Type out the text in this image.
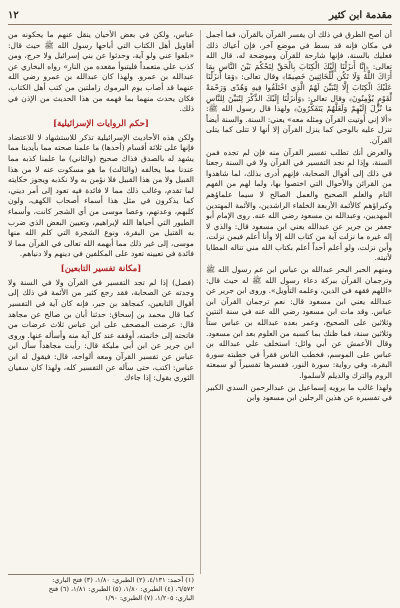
مقدمة ابن كثير
١٢

أن أصح الطرق في ذلك أن يفسر القرآن بالقرآن، فما أجمل في مكان فإنه قد بسط في موضع آخر، فإن أعياك ذلك فعليك بالسنة، فإنها شارحة للقرآن وموضحة له، قال الله تعالى: ﴿إِنَّا أَنزَلْنَا إِلَيْكَ الْكِتَابَ بِالْحَقِّ لِتَحْكُمَ بَيْنَ النَّاسِ بِمَا أَرَاكَ اللَّهُ وَلَا تَكُن لِّلْخَائِنِينَ خَصِيمًا﴾ وقال تعالى: ﴿وَمَا أَنزَلْنَا عَلَيْكَ الْكِتَابَ إِلَّا لِتُبَيِّنَ لَهُمُ الَّذِي اخْتَلَفُوا فِيهِ وَهُدًى وَرَحْمَةً لِّقَوْمٍ يُؤْمِنُونَ﴾ وقال تعالى: ﴿وَأَنزَلْنَا إِلَيْكَ الذِّكْرَ لِتُبَيِّنَ لِلنَّاسِ مَا نُزِّلَ إِلَيْهِمْ وَلَعَلَّهُمْ يَتَفَكَّرُونَ﴾ ولهذا قال رسول الله ﷺ: «ألا إني أوتيت القرآن ومثله معه» يعني: السنة. والسنة أيضاً تنزل عليه بالوحي كما ينزل القرآن إلا أنها لا تتلى كما يتلى القرآن.

والغرض أنك تطلب تفسير القرآن منه فإن لم تجده فمن السنة، وإذا لم نجد التفسير في القرآن ولا في السنة رجعنا في ذلك إلى أقوال الصحابة، فإنهم أدرى بذلك، لما شاهدوا من القرائن والأحوال التي اختصوا بها، ولما لهم من الفهم التام والعلم الصحيح والعمل الصالح لا سيما علماؤهم وكبراؤهم كالأئمة الأربعة الخلفاء الراشدين، والأئمة المهتدين المهديين، وعبدالله بن مسعود رضي الله عنه. روى الإمام أبو جعفر بن جرير عن عبدالله يعني ابن مسعود قال: والذي لا إله غيره ما نزلت آية من كتاب الله إلا وأنا أعلم فيمن نزلت، وأين نزلت، ولو أعلم أحداً أعلم بكتاب الله مني تناله المطايا لأتيته.

ومنهم الحبر البحر عبدالله بن عباس ابن عم رسول الله ﷺ وترجمان القرآن ببركة دعاء رسول الله ﷺ له حيث قال: «اللهم فقهه في الدين، وعلمه التأويل». وروى ابن جرير عن عبدالله يعني ابن مسعود قال: نعم ترجمان القرآن ابن عباس. وقد مات ابن مسعود رضي الله عنه في سنة اثنتين وثلاثين على الصحيح، وعمر بعده عبدالله بن عباس ستاً وثلاثين سنة، فما ظنك بما كسبه من العلوم بعد ابن مسعود. وقال الأعمش عن أبي وائل: استخلف علي عبدالله بن عباس على الموسم، فخطب الناس فقرأ في خطبته سورة البقرة، وفي رواية: سورة النور، ففسرها تفسيراً لو سمعته الروم والترك والديلم لأسلموا.

ولهذا غالب ما يرويه إسماعيل بن عبدالرحمن السدي الكبير في تفسيره عن هذين الرجلين ابن مسعود وابن

عباس، ولكن في بعض الأحيان ينقل عنهم ما يحكونه من أقاويل أهل الكتاب التي أباحها رسول الله ﷺ حيث قال: «بلغوا عني ولو آية، وحدثوا عن بني إسرائيل ولا حرج، ومن كذب علي متعمداً فليتبوأ مقعده من النار» رواه البخاري عن عبدالله بن عمرو. ولهذا كان عبدالله بن عمرو رضي الله عنهما قد أصاب يوم اليرموك زاملتين من كتب أهل الكتاب، فكان يحدث منهما بما فهمه من هذا الحديث من الإذن في ذلك.

[حكم الروايات الإسرائيلية]

ولكن هذه الأحاديث الإسرائيلية تذكر للاستشهاد لا للاعتضاد فإنها على ثلاثة أقسام (أحدها) ما علمنا صحته مما بأيدينا مما يشهد له بالصدق فذاك صحيح (والثاني) ما علمنا كذبه مما عندنا مما يخالفه (والثالث) ما هو مسكوت عنه لا من هذا القبيل ولا من هذا القبيل فلا نؤمن به ولا نكذبه ويجوز حكايته لما تقدم، وغالب ذلك مما لا فائدة فيه تعود إلى أمر ديني، كما يذكرون في مثل هذا أسماء أصحاب الكهف، ولون كلبهم، وعدتهم، وعصا موسى من أي الشجر كانت، وأسماء الطيور التي أحياها الله لإبراهيم، وتعيين البعض الذي ضرب به القتيل من البقرة، ونوع الشجرة التي كلم الله منها موسى، إلى غير ذلك مما أبهمه الله تعالى في القرآن مما لا فائدة في تعيينه تعود على المكلفين في دينهم ولا دنياهم.

[مكانة تفسير التابعين]

(فصل) إذا لم تجد التفسير في القرآن ولا في السنة ولا وجدته عن الصحابة، فقد رجع كثير من الأئمة في ذلك إلى أقوال التابعين، كمجاهد بن جبر، فإنه كان آية في التفسير كما قال محمد بن إسحاق: حدثنا أبان بن صالح عن مجاهد قال: عرضت المصحف على ابن عباس ثلاث عرضات من فاتحته إلى خاتمته، أوقفه عند كل آية منه وأسأله عنها. وروى ابن جرير عن ابن أبي مليكة قال: رأيت مجاهداً سأل ابن عباس عن تفسير القرآن ومعه ألواحه، قال: فيقول له ابن عباس: اكتب، حتى سأله عن التفسير كله، ولهذا كان سفيان الثوري يقول: إذا جاءك

(١) أحمد: ٤/١٣١، (٢) الطبري: ١/٨٠، (٣) فتح الباري:
٦/٥٧٢، (٤) الطبري: ١/٨٠، (٥) الطبري: ١/٨١، (٦) فتح
الباري: ١/٢٠٥، (٧) الطبري: ١/٩٠
